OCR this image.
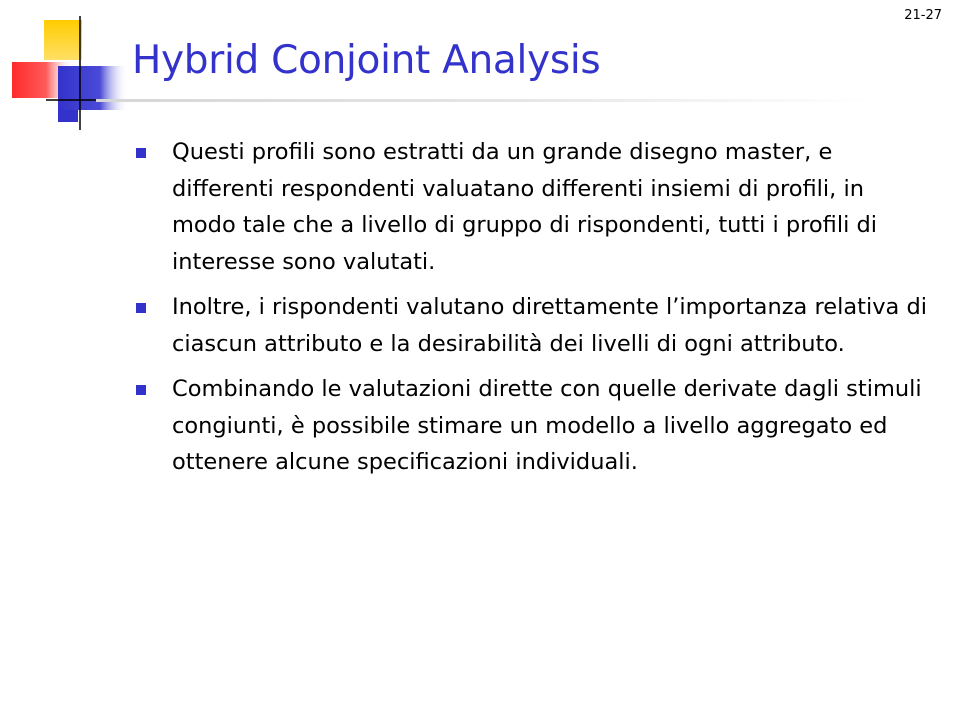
21-27
Hybrid Conjoint Analysis
Questi profili sono estratti da un grande disegno master, e differenti respondenti valuatano differenti insiemi di profili, in modo tale che a livello di gruppo di rispondenti, tutti i profili di interesse sono valutati.
Inoltre, i rispondenti valutano direttamente l’importanza relativa di ciascun attributo e la desirabilità dei livelli di ogni attributo.
Combinando le valutazioni dirette con quelle derivate dagli stimuli congiunti, è possibile stimare un modello a livello aggregato ed ottenere alcune specificazioni individuali.
